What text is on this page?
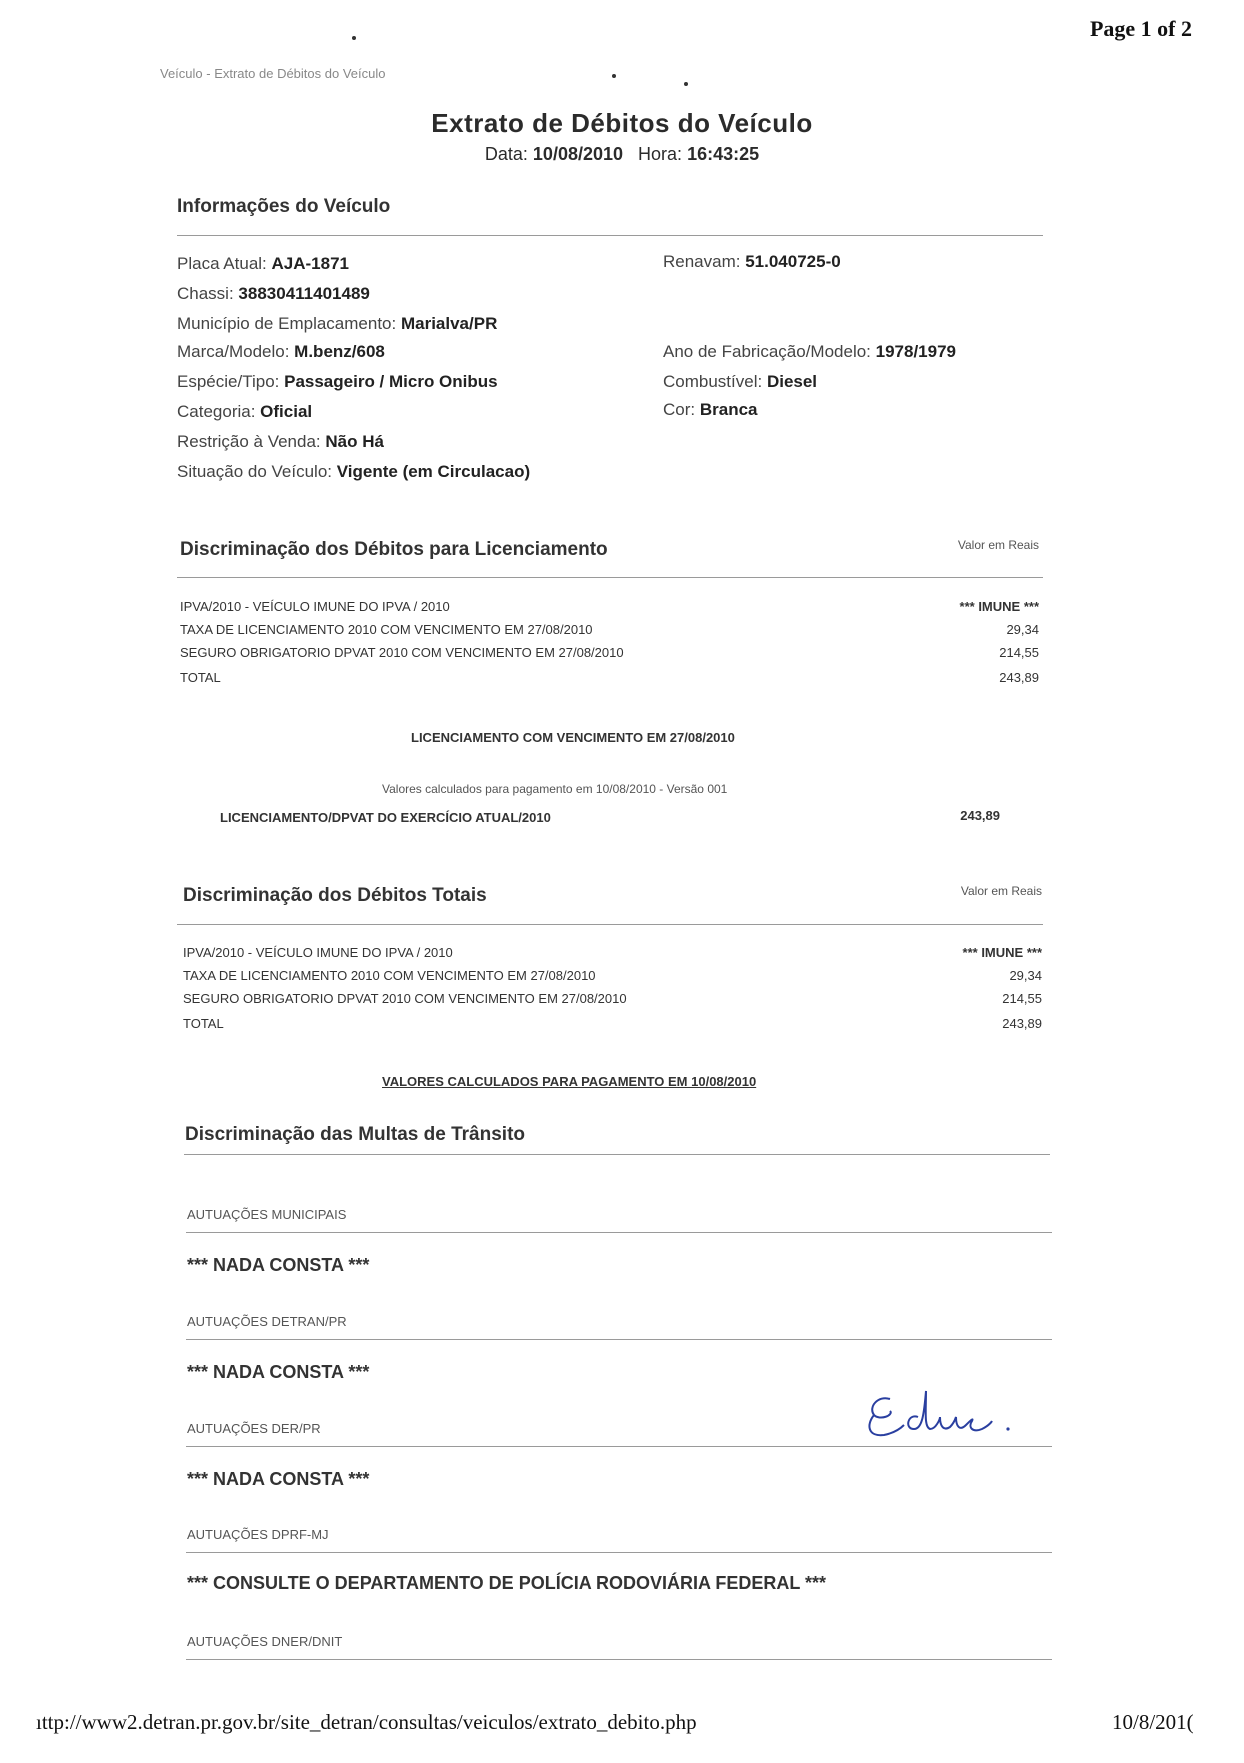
Page 1 of 2
Veículo - Extrato de Débitos do Veículo
Extrato de Débitos do Veículo
Data: 10/08/2010 Hora: 16:43:25
Informações do Veículo
Placa Atual: AJA-1871
Chassi: 38830411401489
Município de Emplacamento: Marialva/PR
Marca/Modelo: M.benz/608
Espécie/Tipo: Passageiro / Micro Onibus
Categoria: Oficial
Restrição à Venda: Não Há
Situação do Veículo: Vigente (em Circulacao)
Renavam: 51.040725-0
Ano de Fabricação/Modelo: 1978/1979
Combustível: Diesel
Cor: Branca
Discriminação dos Débitos para Licenciamento	Valor em Reais
IPVA/2010 - VEÍCULO IMUNE DO IPVA / 2010	*** IMUNE ***
TAXA DE LICENCIAMENTO 2010 COM VENCIMENTO EM 27/08/2010	29,34
SEGURO OBRIGATORIO DPVAT 2010 COM VENCIMENTO EM 27/08/2010	214,55
TOTAL	243,89
LICENCIAMENTO COM VENCIMENTO EM 27/08/2010
Valores calculados para pagamento em 10/08/2010 - Versão 001
LICENCIAMENTO/DPVAT DO EXERCÍCIO ATUAL/2010	243,89
Discriminação dos Débitos Totais	Valor em Reais
IPVA/2010 - VEÍCULO IMUNE DO IPVA / 2010	*** IMUNE ***
TAXA DE LICENCIAMENTO 2010 COM VENCIMENTO EM 27/08/2010	29,34
SEGURO OBRIGATORIO DPVAT 2010 COM VENCIMENTO EM 27/08/2010	214,55
TOTAL	243,89
VALORES CALCULADOS PARA PAGAMENTO EM 10/08/2010
Discriminação das Multas de Trânsito
AUTUAÇÕES MUNICIPAIS
*** NADA CONSTA ***
AUTUAÇÕES DETRAN/PR
*** NADA CONSTA ***
AUTUAÇÕES DER/PR
*** NADA CONSTA ***
AUTUAÇÕES DPRF-MJ
*** CONSULTE O DEPARTAMENTO DE POLÍCIA RODOVIÁRIA FEDERAL ***
AUTUAÇÕES DNER/DNIT
ıttp://www2.detran.pr.gov.br/site_detran/consultas/veiculos/extrato_debito.php	10/8/201(
